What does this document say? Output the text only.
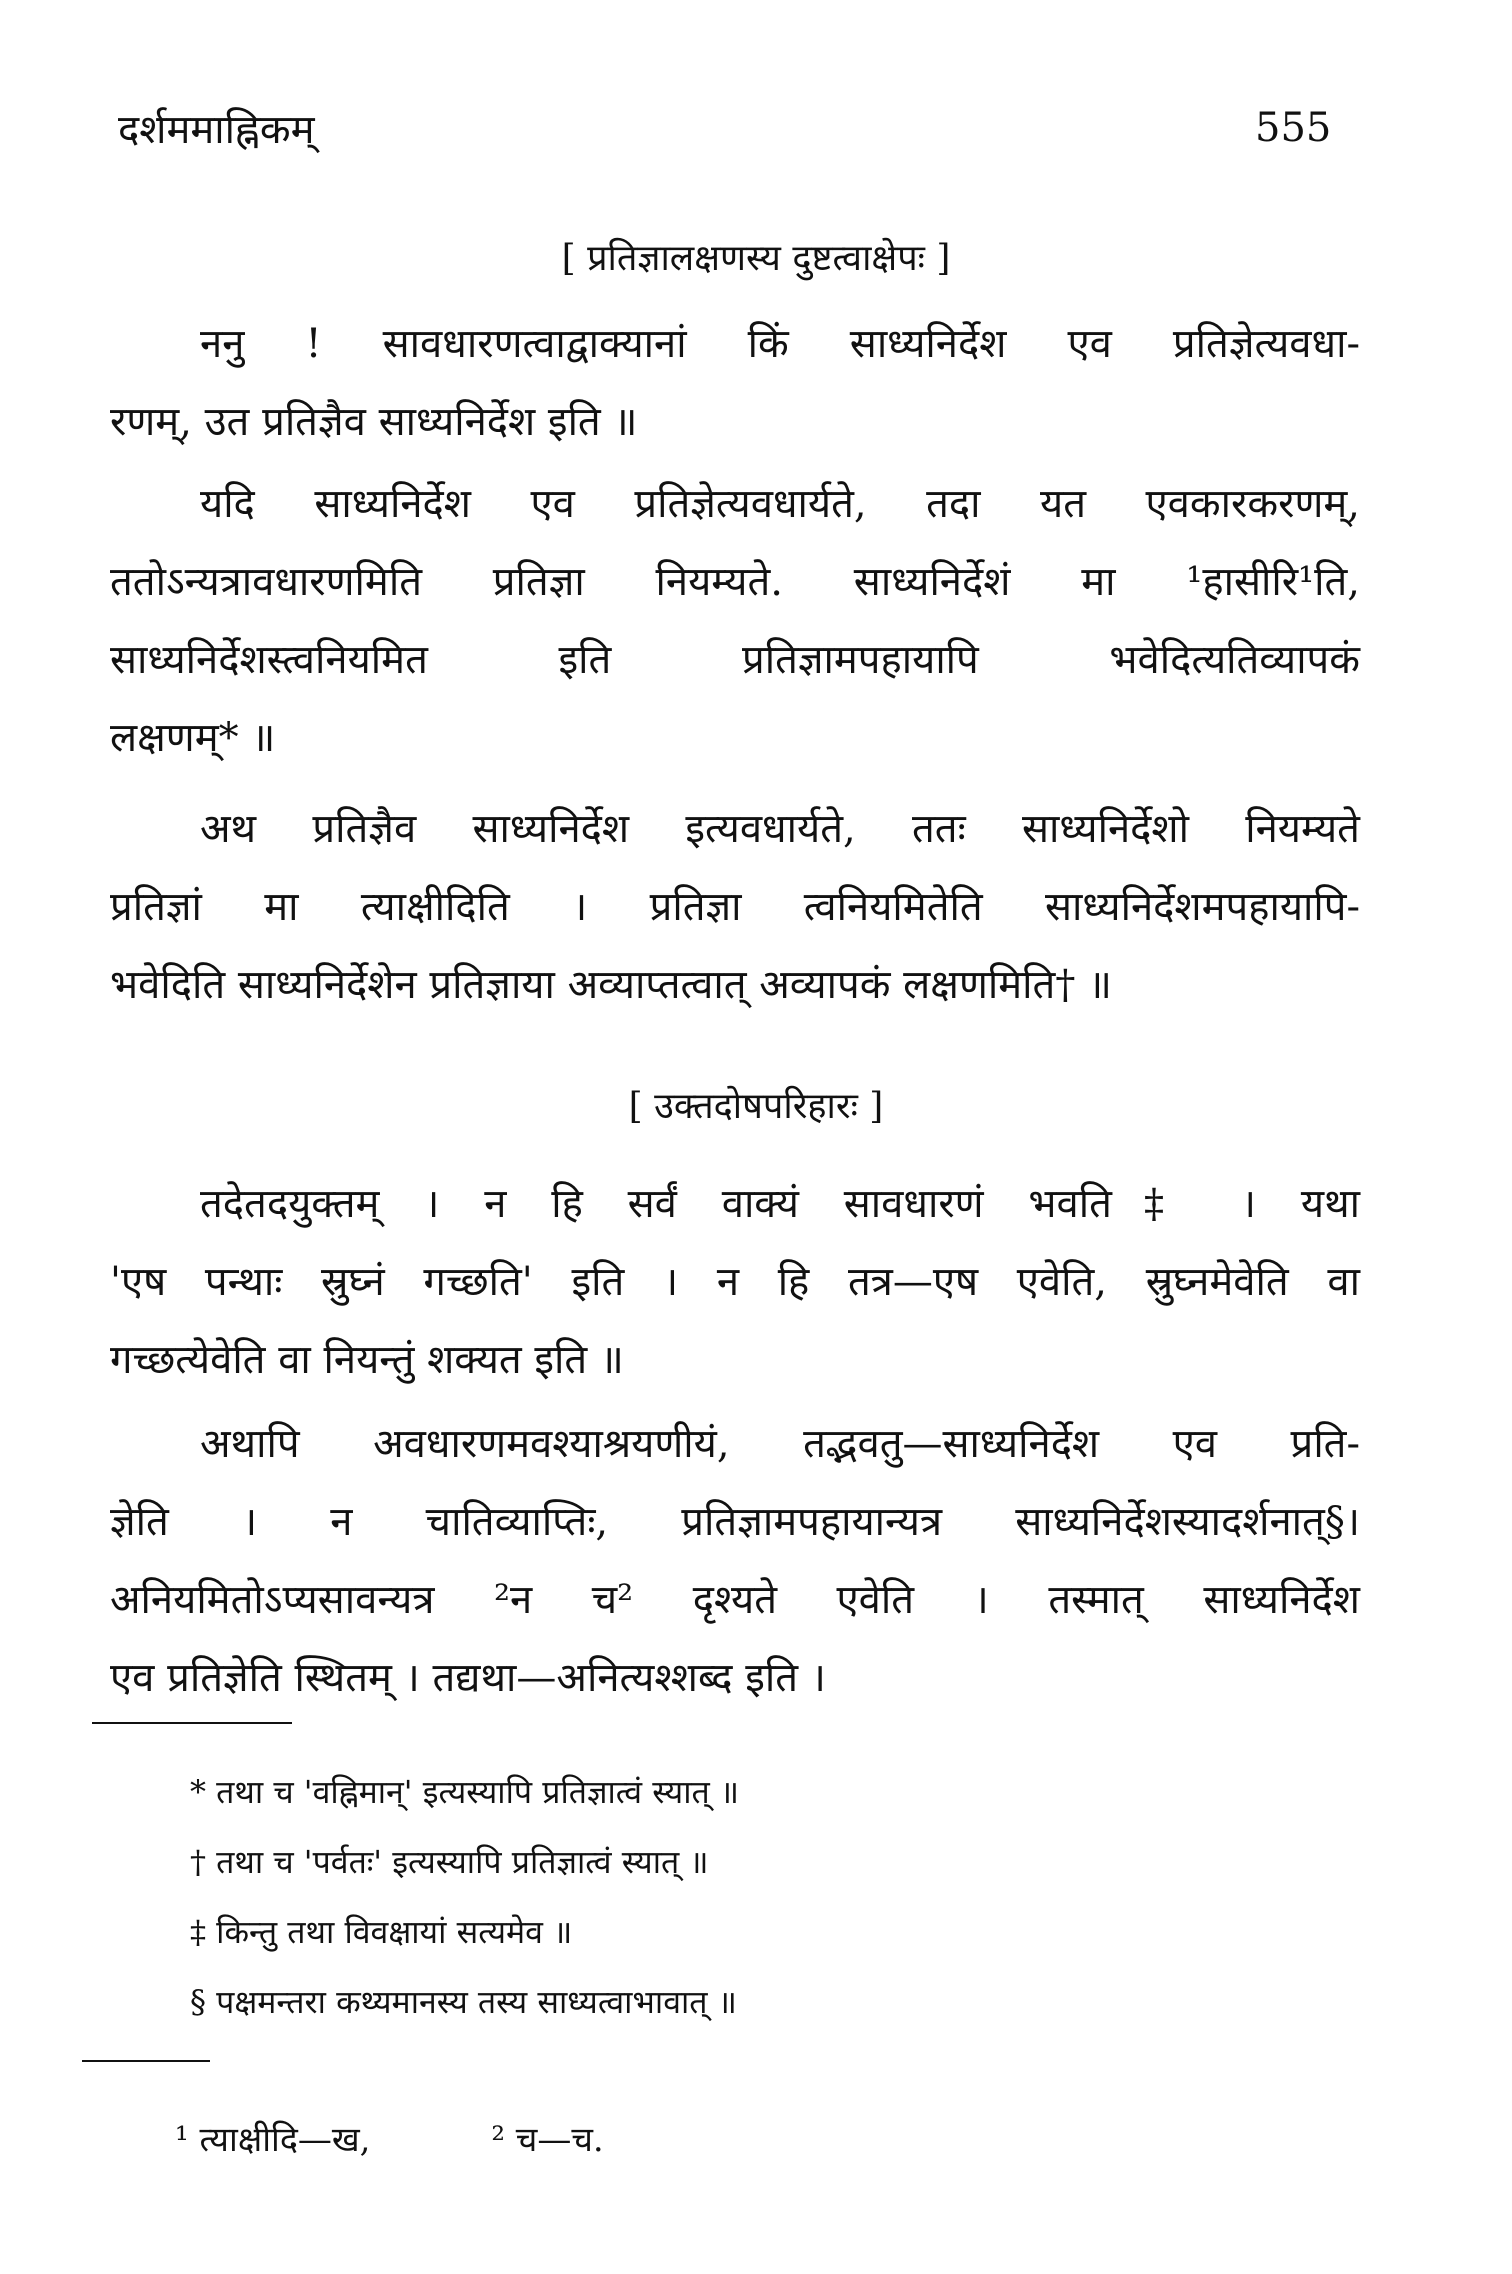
दर्शममाह्निकम्	555
[ प्रतिज्ञालक्षणस्य दुष्टत्वाक्षेपः ]
ननु ! सावधारणत्वाद्वाक्यानां किं साध्यनिर्देश एव प्रतिज्ञेत्यवधा-
रणम्, उत प्रतिज्ञैव साध्यनिर्देश इति ॥
यदि साध्यनिर्देश एव प्रतिज्ञेत्यवधार्यते, तदा यत एवकारकरणम्,
ततोऽन्यत्रावधारणमिति प्रतिज्ञा नियम्यते. साध्यनिर्देशं मा ¹हासीरि¹ति,
साध्यनिर्देशस्त्वनियमित इति प्रतिज्ञामपहायापि भवेदित्यतिव्यापकं
लक्षणम्* ॥
अथ प्रतिज्ञैव साध्यनिर्देश इत्यवधार्यते, ततः साध्यनिर्देशो नियम्यते
प्रतिज्ञां मा त्याक्षीदिति । प्रतिज्ञा त्वनियमितेति साध्यनिर्देशमपहायापि-
भवेदिति साध्यनिर्देशेन प्रतिज्ञाया अव्याप्तत्वात् अव्यापकं लक्षणमिति† ॥
[ उक्तदोषपरिहारः ]
तदेतदयुक्तम् । न हि सर्वं वाक्यं सावधारणं भवति‡ । यथा
'एष पन्थाः स्रुघ्नं गच्छति' इति । न हि तत्र—एष एवेति, स्रुघ्नमेवेति वा
गच्छत्येवेति वा नियन्तुं शक्यत इति ॥
अथापि अवधारणमवश्याश्रयणीयं, तद्भवतु—साध्यनिर्देश एव प्रति-
ज्ञेति । न चातिव्याप्तिः, प्रतिज्ञामपहायान्यत्र साध्यनिर्देशस्यादर्शनात्§।
अनियमितोऽप्यसावन्यत्र ²न च² दृश्यते एवेति । तस्मात् साध्यनिर्देश
एव प्रतिज्ञेति स्थितम् । तद्यथा—अनित्यश्शब्द इति ।
* तथा च 'वह्निमान्' इत्यस्यापि प्रतिज्ञात्वं स्यात् ॥
† तथा च 'पर्वतः' इत्यस्यापि प्रतिज्ञात्वं स्यात् ॥
‡ किन्तु तथा विवक्षायां सत्यमेव ॥
§ पक्षमन्तरा कथ्यमानस्य तस्य साध्यत्वाभावात् ॥
¹ त्याक्षीदि—ख,	² च—च.
